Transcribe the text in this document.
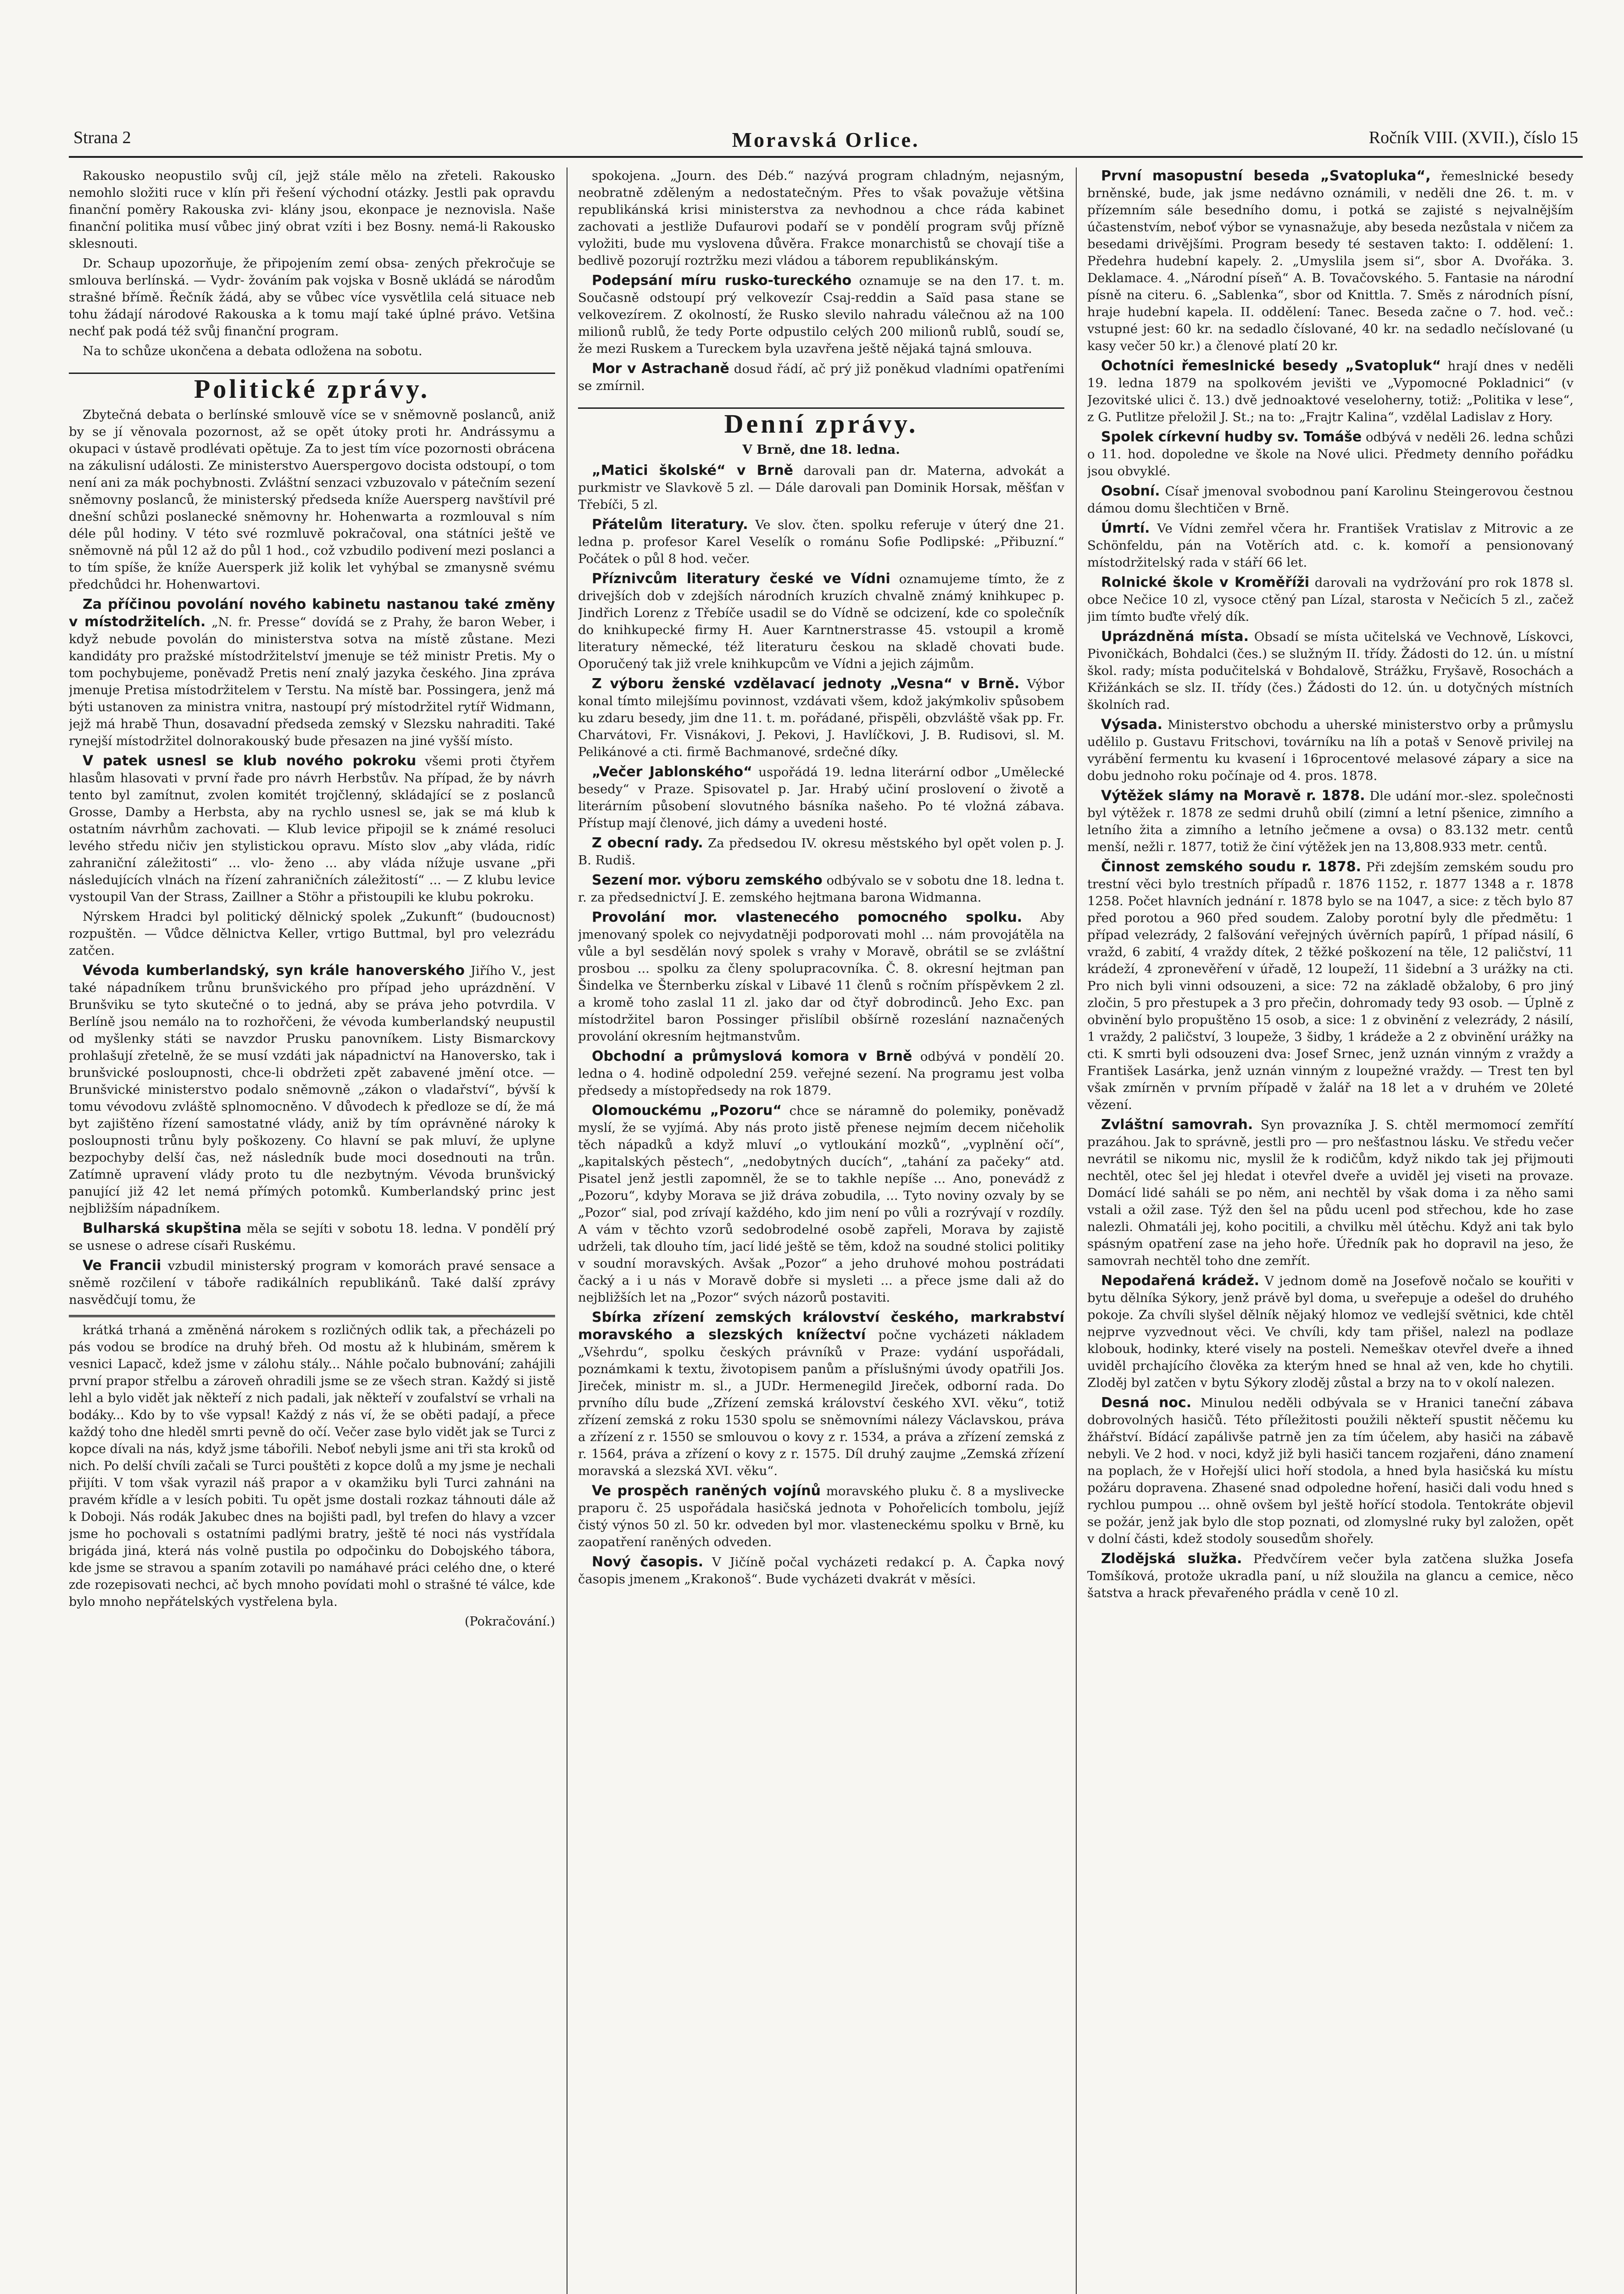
Strana 2	Moravská Orlice.	Ročník VIII. (XVII.), číslo 15

Rakousko neopustilo svůj cíl, jejž stále mělo na zřeteli. Rakousko nemohlo složiti ruce v klín při řešení východní otázky. Jestli pak opravdu finanční poměry Rakouska zvi- klány jsou, ekonpace je neznovisla. Naše finanční politika musí vůbec jiný obrat vzíti i bez Bosny. nemá-li Rakousko sklesnouti.

Dr. Schaup upozorňuje, že připojením zemí obsa- zených překročuje se smlouva berlínská. — Vydr- žováním pak vojska v Bosně ukládá se národům strašné břímě. Řečník žádá, aby se vůbec více vysvětlila celá situace neb tohu žádají národové Rakouska a k tomu mají také úplné právo. Vetšina nechť pak podá též svůj finanční program.

Na to schůze ukončena a debata odložena na sobotu.

Politické zprávy.

Zbytečná debata o berlínské smlouvě více se v sněmovně poslanců, aniž by se jí věnovala pozornost, až se opět útoky proti hr. Andrássymu a okupaci v ústavě prodlévati opětuje. Za to jest tím více pozornosti obrácena na zákulisní události. Ze ministerstvo Auerspergovo docista odstoupí, o tom není ani za mák pochybnosti. Zvláštní senzaci vzbuzovalo v pátečním sezení sněmovny poslanců, že ministerský předseda kníže Auersperg navštívil pré dnešní schůzi poslanecké sněmovny hr. Hohenwarta a rozmlouval s ním déle půl hodiny. V této své rozmluvě pokračoval, ona státníci ještě ve sněmovně ná půl 12 až do půl 1 hod., což vzbudilo podivení mezi poslanci a to tím spíše, že kníže Auersperk již kolik let vyhýbal se zmanysně svému předchůdci hr. Hohenwartovi.

Za příčinou povolání nového kabinetu nastanou také změny v místodržitelích. „N. fr. Presse“ dovídá se z Prahy, že baron Weber, i když nebude povolán do ministerstva sotva na místě zůstane. Mezi kandidáty pro pražské místodržitelství jmenuje se též ministr Pretis. My o tom pochybujeme, poněvadž Pretis není znalý jazyka českého. Jina zpráva jmenuje Pretisa místodržitelem v Terstu. Na místě bar. Possingera, jenž má býti ustanoven za ministra vnitra, nastoupí prý místodržitel rytíř Widmann, jejž má hrabě Thun, dosavadní předseda zemský v Slezsku nahraditi. Také rynejší místodržitel dolnorakouský bude přesazen na jiné vyšší místo.

V patek usnesl se klub nového pokroku všemi proti čtyřem hlasům hlasovati v první řade pro návrh Herbstův. Na případ, že by návrh tento byl zamítnut, zvolen komitét trojčlenný, skládající se z poslanců Grosse, Damby a Herbsta, aby na rychlo usnesl se, jak se má klub k ostatním návrhům zachovati. — Klub levice připojil se k známé resoluci levého středu ničiv jen stylistickou opravu. Místo slov „aby vláda, ridíc zahraniční záležitosti“ ... vlo- ženo ... aby vláda nížuje usvane „při následujících vlnách na řízení zahraničních záležitostí“ ... — Z klubu levice vystoupil Van der Strass, Zaillner a Stöhr a přistoupili ke klubu pokroku.

Nýrskem Hradci byl politický dělnický spolek „Zukunft“ (budoucnost) rozpuštěn. — Vůdce dělnictva Keller, vrtigo Buttmal, byl pro velezrádu zatčen.

Vévoda kumberlandský, syn krále hanoverského Jiřího V., jest také nápadníkem trůnu brunšvického pro případ jeho uprázdnění. V Brunšviku se tyto skutečné o to jedná, aby se práva jeho potvrdila. V Berlíně jsou nemálo na to rozhořčeni, že vévoda kumberlandský neupustil od myšlenky státi se navzdor Prusku panovníkem. Listy Bismarckovy prohlašují zřetelně, že se musí vzdáti jak nápadnictví na Hanoversko, tak i brunšvické posloupnosti, chce-li obdržeti zpět zabavené jmění otce. — Brunšvické ministerstvo podalo sněmovně „zákon o vladařství“, bývší k tomu vévodovu zvláště splnomocněno. V důvodech k předloze se dí, že má byt zajištěno řízení samostatné vlády, aniž by tím oprávněné nároky k posloupnosti trůnu byly poškozeny. Co hlavní se pak mluví, že uplyne bezpochyby delší čas, než následník bude moci dosednouti na trůn. Zatímně upravení vlády proto tu dle nezbytným. Vévoda brunšvický panující již 42 let nemá přímých potomků. Kumberlandský princ jest nejbližším nápadníkem.

Bulharská skupština měla se sejíti v sobotu 18. ledna. V pondělí prý se usnese o adrese císaři Ruskému.

Ve Francii vzbudil ministerský program v komorách pravé sensace a sněmě rozčilení v táboře radikálních republikánů. Také další zprávy nasvědčují tomu, že

krátká trhaná a změněná nárokem s rozličných odlik tak, a přecházeli po pás vodou se brodíce na druhý břeh. Od mostu až k hlubinám, směrem k vesnici Lapacč, kdež jsme v zálohu stály... Náhle počalo bubnování; zahájili první prapor střelbu a zároveň ohradili jsme se ze všech stran. Každý si jistě lehl a bylo vidět jak někteří z nich padali, jak někteří v zoufalství se vrhali na bodáky... Kdo by to vše vypsal! Každý z nás ví, že se oběti padají, a přece každý toho dne hleděl smrti pevně do očí. Večer zase bylo vidět jak se Turci z kopce dívali na nás, když jsme tábořili. Neboť nebyli jsme ani tři sta kroků od nich. Po delší chvíli začali se Turci pouštěti z kopce dolů a my jsme je nechali přijíti. V tom však vyrazil náš prapor a v okamžiku byli Turci zahnáni na pravém křídle a v lesích pobiti. Tu opět jsme dostali rozkaz táhnouti dále až k Doboji. Nás rodák Jakubec dnes na bojišti padl, byl trefen do hlavy a vzcer jsme ho pochovali s ostatními padlými bratry, ještě té noci nás vystřídala brigáda jiná, která nás volně pustila po odpočinku do Dobojského tábora, kde jsme se stravou a spaním zotavili po namáhavé práci celého dne, o které zde rozepisovati nechci, ač bych mnoho povídati mohl o strašné té válce, kde bylo mnoho nepřátelských vystřelena byla.

(Pokračování.)

spokojena. „Journ. des Déb.“ nazývá program chladným, nejasným, neobratně zděleným a nedostatečným. Přes to však považuje většina republikánská krisi ministerstva za nevhodnou a chce ráda kabinet zachovati a jestliže Dufaurovi podaří se v pondělí program svůj přízně vyložiti, bude mu vyslovena důvěra. Frakce monarchistů se chovají tiše a bedlivě pozorují roztržku mezi vládou a táborem republikánským.

Podepsání míru rusko-tureckého oznamuje se na den 17. t. m. Současně odstoupí prý velkovezír Csaj-reddin a Saïd pasa stane se velkovezírem. Z okolností, že Rusko slevilo nahradu válečnou až na 100 milionů rublů, že tedy Porte odpustilo celých 200 milionů rublů, soudí se, že mezi Ruskem a Tureckem byla uzavřena ještě nějaká tajná smlouva.

Mor v Astrachaně dosud řádí, ač prý již poněkud vladními opatřeními se zmírnil.

Denní zprávy.

V Brně, dne 18. ledna.

„Matici školské“ v Brně darovali pan dr. Materna, advokát a purkmistr ve Slavkově 5 zl. — Dále darovali pan Dominik Horsak, měšťan v Třebíči, 5 zl.

Přátelům literatury. Ve slov. čten. spolku referuje v úterý dne 21. ledna p. profesor Karel Veselík o románu Sofie Podlipské: „Přibuzní.“ Počátek o půl 8 hod. večer.

Příznivcům literatury české ve Vídni oznamujeme tímto, že z drivejších dob v zdejších národních kruzích chvalně známý knihkupec p. Jindřich Lorenz z Třebíče usadil se do Vídně se odcizení, kde co společník do knihkupecké firmy H. Auer Karntnerstrasse 45. vstoupil a kromě literatury německé, též literaturu českou na skladě chovati bude. Oporučený tak již vrele knihkupcům ve Vídni a jejich zájmům.

Z výboru ženské vzdělavací jednoty „Vesna“ v Brně. Výbor konal tímto milejšímu povinnost, vzdávati všem, kdož jakýmkoliv spůsobem ku zdaru besedy, jim dne 11. t. m. pořádané, přispěli, obzvláště však pp. Fr. Charvátovi, Fr. Visnákovi, J. Pekovi, J. Havlíčkovi, J. B. Rudisovi, sl. M. Pelikánové a cti. firmě Bachmanové, srdečné díky.

„Večer Jablonského“ uspořádá 19. ledna literární odbor „Umělecké besedy“ v Praze. Spisovatel p. Jar. Hrabý učiní proslovení o životě a literárním působení slovutného básníka našeho. Po té vložná zábava. Přístup mají členové, jich dámy a uvedeni hosté.

Z obecní rady. Za předsedou IV. okresu městského byl opět volen p. J. B. Rudiš.

Sezení mor. výboru zemského odbývalo se v sobotu dne 18. ledna t. r. za předsednictví J. E. zemského hejtmana barona Widmanna.

Provolání mor. vlastenecého pomocného spolku. Aby jmenovaný spolek co nejvydatněji podporovati mohl ... nám provojátěla na vůle a byl sesdělán nový spolek s vrahy v Moravě, obrátil se se zvláštní prosbou ... spolku za členy spolupracovníka. Č. 8. okresní hejtman pan Šindelka ve Šternberku získal v Libavé 11 členů s ročním příspěvkem 2 zl. a kromě toho zaslal 11 zl. jako dar od čtyř dobrodinců. Jeho Exc. pan místodržitel baron Possinger přislíbil obšírně rozeslání naznačených provolání okresním hejtmanstvům.

Obchodní a průmyslová komora v Brně odbývá v pondělí 20. ledna o 4. hodině odpolední 259. veřejné sezení. Na programu jest volba předsedy a místopředsedy na rok 1879.

Olomouckému „Pozoru“ chce se náramně do polemiky, poněvadž myslí, že se vyjímá. Aby nás proto jistě přenese nejmím decem ničeholik těch nápadků a když mluví „o vytloukání mozků“, „vyplnění očí“, „kapitalských pěstech“, „nedobytných ducích“, „tahání za pačeky“ atd. Pisatel jenž jestli zapomněl, že se to takhle nepíše ... Ano, ponevádž z „Pozoru“, kdyby Morava se již dráva zobudila, ... Tyto noviny ozvaly by se „Pozor“ sial, pod zrívají každého, kdo jim není po vůli a rozrývají v rozdíly. A vám v těchto vzorů sedobrodelné osobě zapřeli, Morava by zajistě udrželi, tak dlouho tím, jací lidé ještě se těm, kdož na soudné stolici politiky v soudní moravských. Avšak „Pozor“ a jeho druhové mohou postrádati čacký a i u nás v Moravě dobře si mysleti ... a přece jsme dali až do nejbližších let na „Pozor“ svých názorů postaviti.

Sbírka zřízení zemských království českého, markrabství moravského a slezských knížectví počne vycházeti nákladem „Všehrdu“, spolku českých právníků v Praze: vydání uspořádali, poznámkami k textu, životopisem panům a příslušnými úvody opatřili Jos. Jireček, ministr m. sl., a JUDr. Hermenegild Jireček, odborní rada. Do prvního dílu bude „Zřízení zemská království českého XVI. věku“, totiž zřízení zemská z roku 1530 spolu se sněmovními nálezy Václavskou, práva a zřízení z r. 1550 se smlouvou o kovy z r. 1534, a práva a zřízení zemská z r. 1564, práva a zřízení o kovy z r. 1575. Díl druhý zaujme „Zemská zřízení moravská a slezská XVI. věku“.

Ve prospěch raněných vojínů moravského pluku č. 8 a myslivecke praporu č. 25 uspořádala hasičská jednota v Pohořelicích tombolu, jejíž čistý výnos 50 zl. 50 kr. odveden byl mor. vlasteneckému spolku v Brně, ku zaopatření raněných odveden.

Nový časopis. V Jičíně počal vycházeti redakcí p. A. Čapka nový časopis jmenem „Krakonoš“. Bude vycházeti dvakrát v měsíci.

První masopustní beseda „Svatopluka“, řemeslnické besedy brněnské, bude, jak jsme nedávno oznámili, v neděli dne 26. t. m. v přízemním sále besedního domu, i potká se zajisté s nejvalnějším účastenstvím, neboť výbor se vynasnažuje, aby beseda nezůstala v ničem za besedami drivějšími. Program besedy té sestaven takto: I. oddělení: 1. Předehra hudební kapely. 2. „Umyslila jsem si“, sbor A. Dvořáka. 3. Deklamace. 4. „Národní píseň“ A. B. Tovačovského. 5. Fantasie na národní písně na citeru. 6. „Sablenka“, sbor od Knittla. 7. Směs z národních písní, hraje hudební kapela. II. oddělení: Tanec. Beseda začne o 7. hod. več.: vstupné jest: 60 kr. na sedadlo číslované, 40 kr. na sedadlo nečíslované (u kasy večer 50 kr.) a členové platí 20 kr.

Ochotníci řemeslnické besedy „Svatopluk“ hrají dnes v neděli 19. ledna 1879 na spolkovém jevišti ve „Vypomocné Pokladnici“ (v Jezovitské ulici č. 13.) dvě jednoaktové veseloherny, totiž: „Politika v lese“, z G. Putlitze přeložil J. St.; na to: „Frajtr Kalina“, vzdělal Ladislav z Hory.

Spolek církevní hudby sv. Tomáše odbývá v neděli 26. ledna schůzi o 11. hod. dopoledne ve škole na Nové ulici. Předmety denního pořádku jsou obvyklé.

Osobní. Císař jmenoval svobodnou paní Karolinu Steingerovou čestnou dámou domu šlechtičen v Brně.

Úmrtí. Ve Vídni zemřel včera hr. František Vratislav z Mitrovic a ze Schönfeldu, pán na Votěrích atd. c. k. komoří a pensionovaný místodržitelský rada v stáří 66 let.

Rolnické škole v Kroměříži darovali na vydržování pro rok 1878 sl. obce Nečice 10 zl, vysoce ctěný pan Lízal, starosta v Nečicích 5 zl., začež jim tímto buďte vřelý dík.

Uprázdněná místa. Obsadí se místa učitelská ve Vechnově, Lískovci, Pivoničkách, Bohdalci (čes.) se služným II. třídy. Žádosti do 12. ún. u místní škol. rady; místa podučitelská v Bohdalově, Strážku, Fryšavě, Rosochách a Křižánkách se slz. II. třídy (čes.) Žádosti do 12. ún. u dotyčných místních školních rad.

Výsada. Ministerstvo obchodu a uherské ministerstvo orby a průmyslu udělilo p. Gustavu Fritschovi, továrníku na líh a potaš v Senově privilej na vyrábění fermentu ku kvasení i 16procentové melasové zápary a sice na dobu jednoho roku počínaje od 4. pros. 1878.

Výtěžek slámy na Moravě r. 1878. Dle udání mor.-slez. společnosti byl výtěžek r. 1878 ze sedmi druhů obilí (zimní a letní pšenice, zimního a letního žita a zimního a letního ječmene a ovsa) o 83.132 metr. centů menší, nežli r. 1877, totiž že činí výtěžek jen na 13,808.933 metr. centů.

Činnost zemského soudu r. 1878. Při zdejším zemském soudu pro trestní věci bylo trestních případů r. 1876 1152, r. 1877 1348 a r. 1878 1258. Počet hlavních jednání r. 1878 bylo se na 1047, a sice: z těch bylo 87 před porotou a 960 před soudem. Zaloby porotní byly dle předmětu: 1 případ velezrády, 2 falšování veřejných úvěrních papírů, 1 případ násilí, 6 vražd, 6 zabití, 4 vraždy dítek, 2 těžké poškození na těle, 12 paličství, 11 krádeží, 4 zpronevěření v úřadě, 12 loupeží, 11 šidební a 3 urážky na cti. Pro nich byli vinni odsouzeni, a sice: 72 na základě obžaloby, 6 pro jiný zločin, 5 pro přestupek a 3 pro přečin, dohromady tedy 93 osob. — Úplně z obvinění bylo propuštěno 15 osob, a sice: 1 z obvinění z velezrády, 2 násilí, 1 vraždy, 2 paličství, 3 loupeže, 3 šidby, 1 krádeže a 2 z obvinění urážky na cti. K smrti byli odsouzeni dva: Josef Srnec, jenž uznán vinným z vraždy a František Lasárka, jenž uznán vinným z loupežné vraždy. — Trest ten byl však zmírněn v prvním případě v žalář na 18 let a v druhém ve 20leté vězení.

Zvláštní samovrah. Syn provazníka J. S. chtěl mermomocí zemřítí prazáhou. Jak to správně, jestli pro — pro nešťastnou lásku. Ve středu večer nevrátil se nikomu nic, myslil že k rodičům, když nikdo tak jej přijmouti nechtěl, otec šel jej hledat i otevřel dveře a uviděl jej viseti na provaze. Domácí lidé saháli se po něm, ani nechtěl by však doma i za něho sami vstali a ožil zase. Týž den šel na půdu ucenl pod střechou, kde ho zase nalezli. Ohmatáli jej, koho pocitili, a chvilku měl útěchu. Když ani tak bylo spásným opatření zase na jeho hoře. Úředník pak ho dopravil na jeso, že samovrah nechtěl toho dne zemřít.

Nepodařená krádež. V jednom domě na Josefově nočalo se kouřiti v bytu dělníka Sýkory, jenž právě byl doma, u sveřepuje a odešel do druhého pokoje. Za chvíli slyšel dělník nějaký hlomoz ve vedlejší světnici, kde chtěl nejprve vyzvednout věci. Ve chvíli, kdy tam přišel, nalezl na podlaze klobouk, hodinky, které visely na posteli. Nemeškav otevřel dveře a ihned uviděl prchajícího člověka za kterým hned se hnal až ven, kde ho chytili. Zloděj byl zatčen v bytu Sýkory zloděj zůstal a brzy na to v okolí nalezen.

Desná noc. Minulou neděli odbývala se v Hranici taneční zábava dobrovolných hasičů. Této příležitosti použili někteří spustit něčemu ku žhářství. Bídácí zapálivše patrně jen za tím účelem, aby hasiči na zábavě nebyli. Ve 2 hod. v noci, když již byli hasiči tancem rozjařeni, dáno znamení na poplach, že v Hořejší ulici hoří stodola, a hned byla hasičská ku místu požáru dopravena. Zhasené snad odpoledne hoření, hasiči dali vodu hned s rychlou pumpou ... ohně ovšem byl ještě hořící stodola. Tentokráte objevil se požár, jenž jak bylo dle stop poznati, od zlomyslné ruky byl založen, opět v dolní části, kdež stodoly sousedům shořely.

Zlodějská služka. Předvčírem večer byla zatčena služka Josefa Tomšíková, protože ukradla paní, u níž sloužila na glancu a cemice, něco šatstva a hrack převařeného prádla v ceně 10 zl.
